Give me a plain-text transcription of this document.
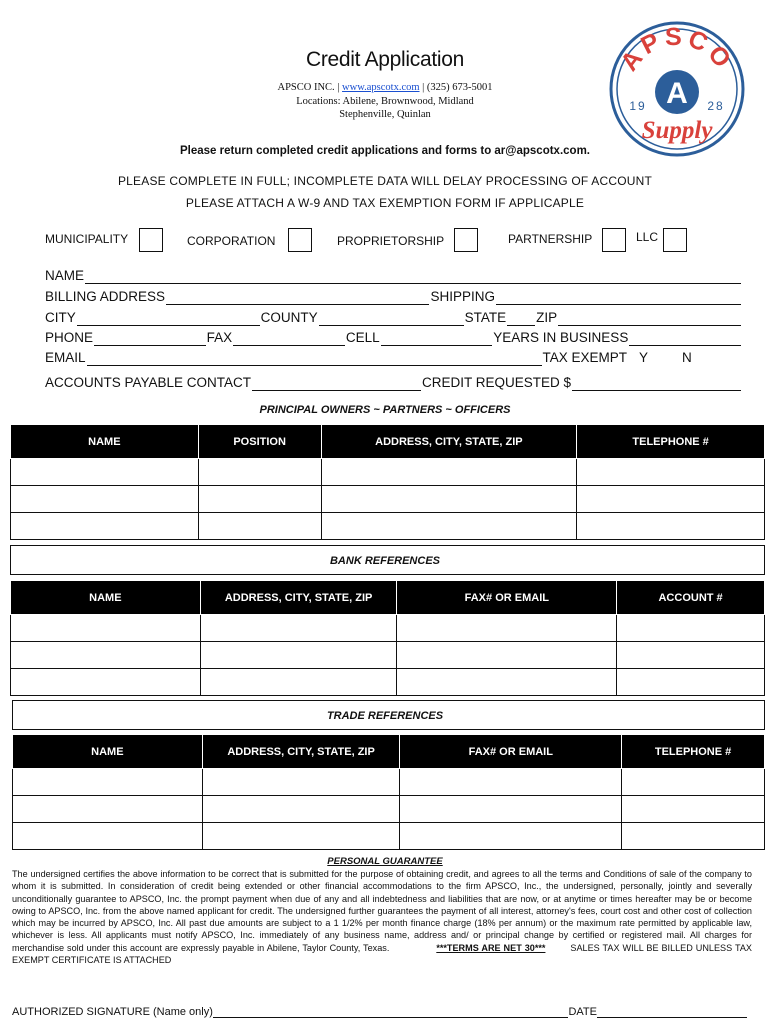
APSCO
A
19	28
Supply
Credit Application
APSCO INC. | www.apscotx.com | (325) 673-5001
Locations: Abilene, Brownwood, Midland
Stephenville, Quinlan
Please return completed credit applications and forms to ar@apscotx.com.
PLEASE COMPLETE IN FULL; INCOMPLETE DATA WILL DELAY PROCESSING OF ACCOUNT
PLEASE ATTACH A W-9 AND TAX EXEMPTION FORM IF APPLICAPLE
MUNICIPALITY	CORPORATION	PROPRIETORSHIP	PARTNERSHIP	LLC
NAME
BILLING ADDRESS	SHIPPING
CITY	COUNTY	STATE ZIP
PHONE	FAX	CELL	YEARS IN BUSINESS
EMAIL	TAX EXEMPT Y	N
ACCOUNTS PAYABLE CONTACT	CREDIT REQUESTED $
PRINCIPAL OWNERS ~ PARTNERS ~ OFFICERS
NAME	POSITION	ADDRESS, CITY, STATE, ZIP	TELEPHONE #

BANK REFERENCES
NAME	ADDRESS, CITY, STATE, ZIP	FAX# OR EMAIL	ACCOUNT #

TRADE REFERENCES
NAME	ADDRESS, CITY, STATE, ZIP	FAX# OR EMAIL	TELEPHONE #

PERSONAL GUARANTEE
The undersigned certifies the above information to be correct that is submitted for the purpose of obtaining credit, and agrees to all the terms and Conditions of sale of the company to whom it is submitted. In consideration of credit being extended or other financial accommodations to the firm APSCO, Inc., the undersigned, personally, jointly and severally unconditionally guarantee to APSCO, Inc. the prompt payment when due of any and all indebtedness and liabilities that are now, or at anytime or times hereafter may be or become owing to APSCO, Inc. from the above named applicant for credit. The undersigned further guarantees the payment of all interest, attorney's fees, court cost and other cost of collection which may be incurred by APSCO, Inc. All past due amounts are subject to a 1 1/2% per month finance charge (18% per annum) or the maximum rate permitted by applicable law, whichever is less. All applicants must notify APSCO, Inc. immediately of any business name, address and/ or principal change by certified or registered mail. All charges for merchandise sold under this account are expressly payable in Abilene, Taylor County, Texas.	***TERMS ARE NET 30***	SALES TAX WILL BE BILLED UNLESS TAX EXEMPT CERTIFICATE IS ATTACHED
AUTHORIZED SIGNATURE (Name only)	DATE
